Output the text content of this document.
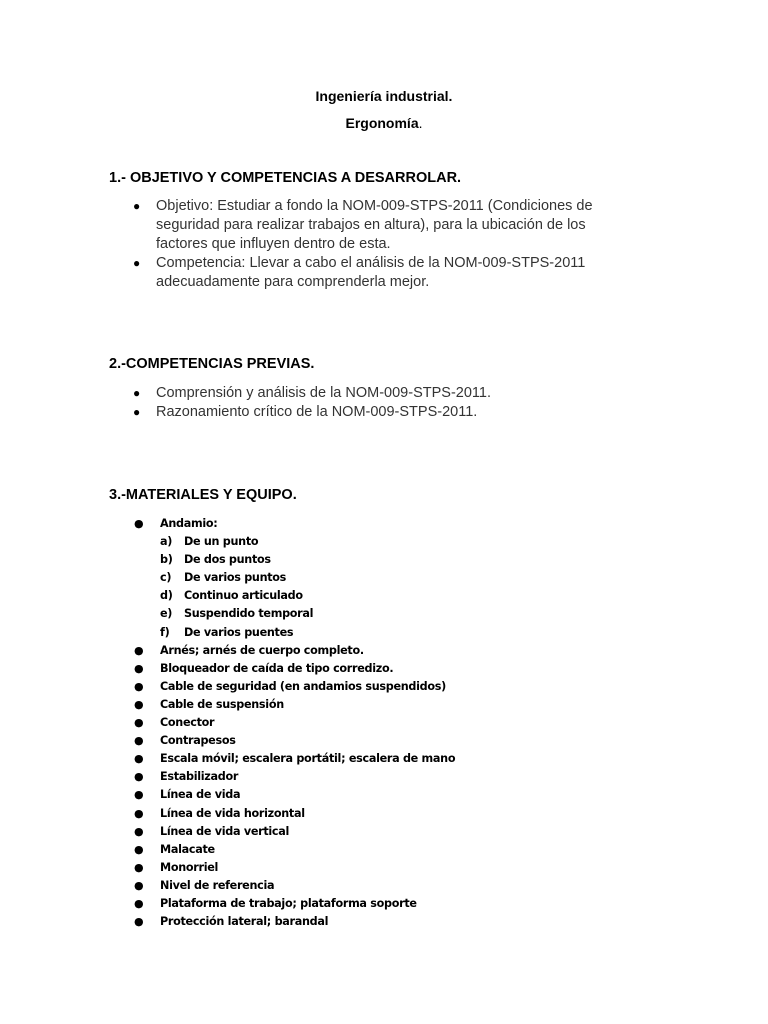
Ingeniería industrial.
Ergonomía.
1.- OBJETIVO Y COMPETENCIAS A DESARROLAR.
● Objetivo: Estudiar a fondo la NOM-009-STPS-2011 (Condiciones de seguridad para realizar trabajos en altura), para la ubicación de los factores que influyen dentro de esta.
● Competencia: Llevar a cabo el análisis de la NOM-009-STPS-2011 adecuadamente para comprenderla mejor.
2.-COMPETENCIAS PREVIAS.
● Comprensión y análisis de la NOM-009-STPS-2011.
● Razonamiento crítico de la NOM-009-STPS-2011.
3.-MATERIALES Y EQUIPO.
● Andamio:
a) De un punto
b) De dos puntos
c) De varios puntos
d) Continuo articulado
e) Suspendido temporal
f) De varios puentes
● Arnés; arnés de cuerpo completo.
● Bloqueador de caída de tipo corredizo.
● Cable de seguridad (en andamios suspendidos)
● Cable de suspensión
● Conector
● Contrapesos
● Escala móvil; escalera portátil; escalera de mano
● Estabilizador
● Línea de vida
● Línea de vida horizontal
● Línea de vida vertical
● Malacate
● Monorriel
● Nivel de referencia
● Plataforma de trabajo; plataforma soporte
● Protección lateral; barandal
